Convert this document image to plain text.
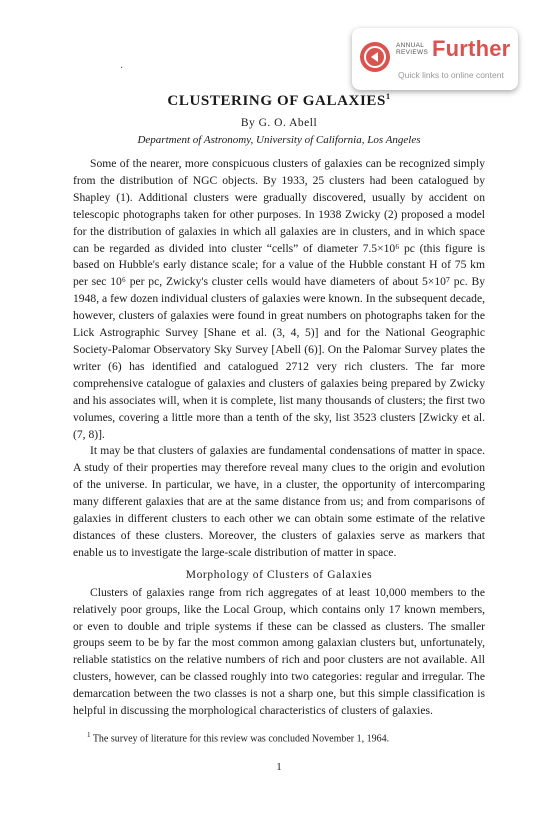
·
ANNUAL
REVIEWS Further
Quick links to online content
CLUSTERING OF GALAXIES$^1$

By G. O. Abell

Department of Astronomy, University of California, Los Angeles

Some of the nearer, more conspicuous clusters of galaxies can be recognized simply from the distribution of NGC objects. By 1933, 25 clusters had been catalogued by Shapley (1). Additional clusters were gradually discovered, usually by accident on telescopic photographs taken for other purposes. In 1938 Zwicky (2) proposed a model for the distribution of galaxies in which all galaxies are in clusters, and in which space can be regarded as divided into cluster “cells” of diameter 7.5×10⁶ pc (this figure is based on Hubble's early distance scale; for a value of the Hubble constant H of 75 km per sec 10⁶ per pc, Zwicky's cluster cells would have diameters of about 5×10⁷ pc. By 1948, a few dozen individual clusters of galaxies were known. In the subsequent decade, however, clusters of galaxies were found in great numbers on photographs taken for the Lick Astrographic Survey [Shane et al. (3, 4, 5)] and for the National Geographic Society-Palomar Observatory Sky Survey [Abell (6)]. On the Palomar Survey plates the writer (6) has identified and catalogued 2712 very rich clusters. The far more comprehensive catalogue of galaxies and clusters of galaxies being prepared by Zwicky and his associates will, when it is complete, list many thousands of clusters; the first two volumes, covering a little more than a tenth of the sky, list 3523 clusters [Zwicky et al. (7, 8)].

It may be that clusters of galaxies are fundamental condensations of matter in space. A study of their properties may therefore reveal many clues to the origin and evolution of the universe. In particular, we have, in a cluster, the opportunity of intercomparing many different galaxies that are at the same distance from us; and from comparisons of galaxies in different clusters to each other we can obtain some estimate of the relative distances of these clusters. Moreover, the clusters of galaxies serve as markers that enable us to investigate the large-scale distribution of matter in space.

Morphology of Clusters of Galaxies

Clusters of galaxies range from rich aggregates of at least 10,000 members to the relatively poor groups, like the Local Group, which contains only 17 known members, or even to double and triple systems if these can be classed as clusters. The smaller groups seem to be by far the most common among galaxian clusters but, unfortunately, reliable statistics on the relative numbers of rich and poor clusters are not available. All clusters, however, can be classed roughly into two categories: regular and irregular. The demarcation between the two classes is not a sharp one, but this simple classification is helpful in discussing the morphological characteristics of clusters of galaxies.

$^1$ The survey of literature for this review was concluded November 1, 1964.

1
